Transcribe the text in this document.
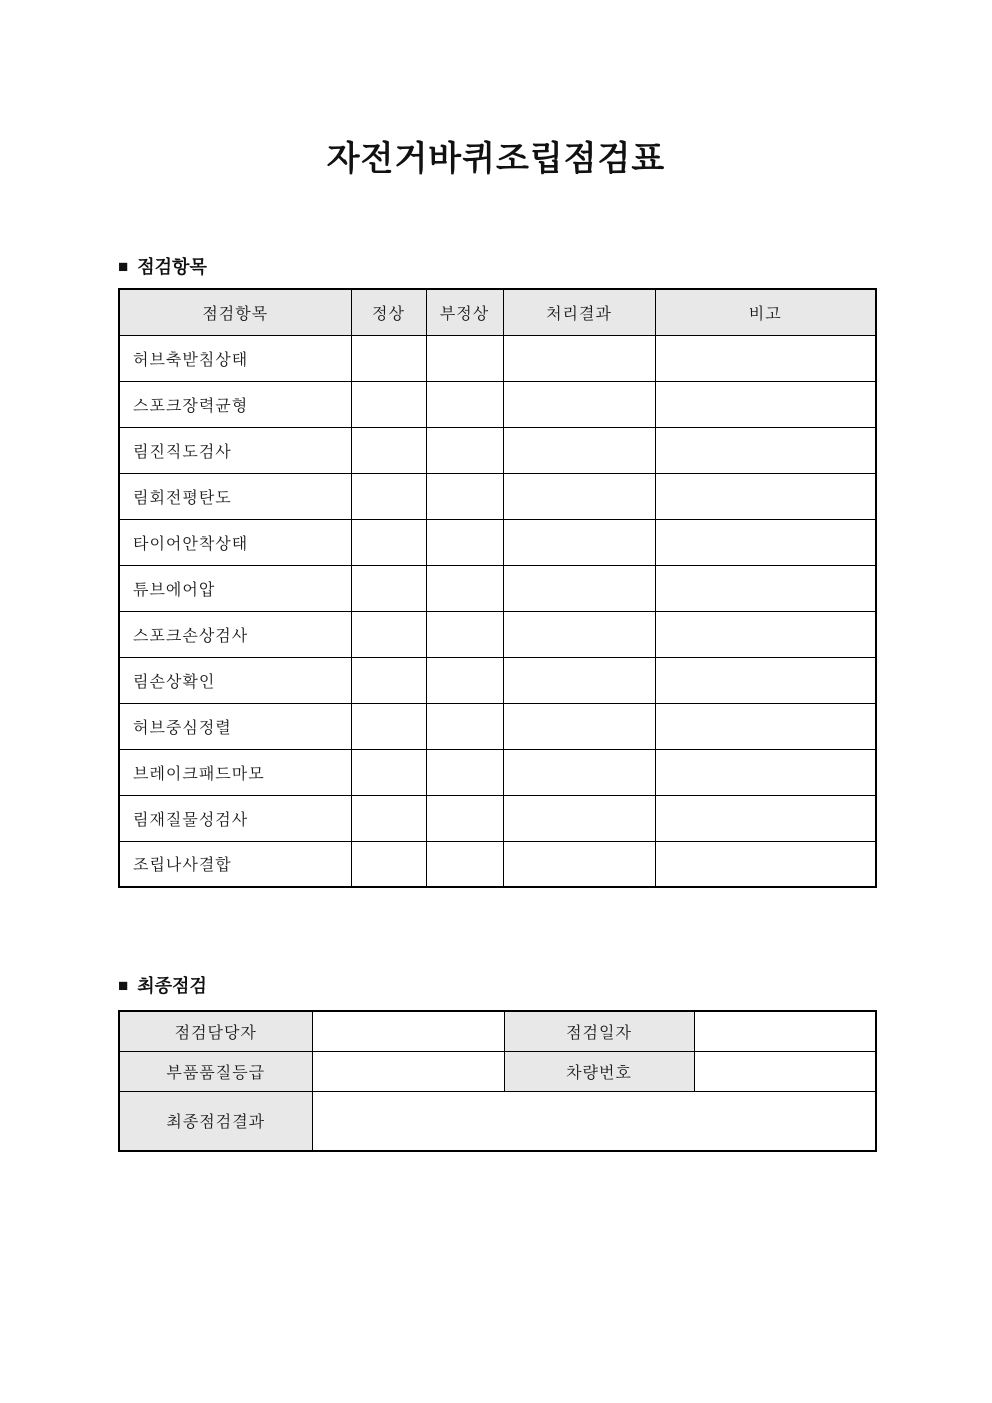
자전거바퀴조립점검표
■ 점검항목
점검항목	정상	부정상	처리결과	비고
허브축받침상태				
스포크장력균형				
림진직도검사				
림회전평탄도				
타이어안착상태				
튜브에어압				
스포크손상검사				
림손상확인				
허브중심정렬				
브레이크패드마모				
림재질물성검사				
조립나사결합				
■ 최종점검
점검담당자		점검일자	
부품품질등급		차량번호	
최종점검결과			
